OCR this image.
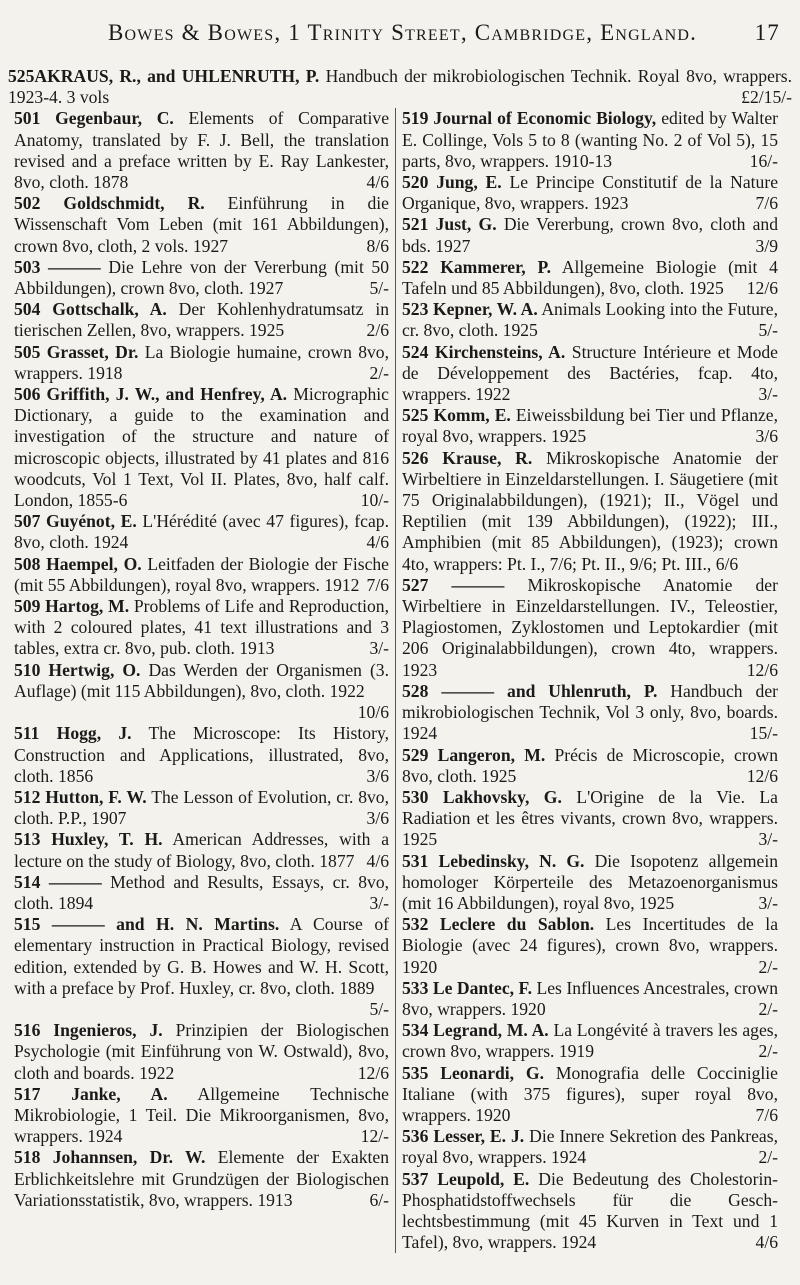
Bowes & Bowes, 1 Trinity Street, Cambridge, England.	17

525AKRAUS, R., and UHLENRUTH, P. Handbuch der mikrobiologischen Technik. Royal 8vo, wrappers. 1923-4. 3 vols	£2/15/-

501 Gegenbaur, C. Elements of Comparative Anatomy, translated by F. J. Bell, the translation revised and a preface written by E. Ray Lankester, 8vo, cloth. 1878	4/6

502 Goldschmidt, R. Einführung in die Wissenschaft Vom Leben (mit 161 Abbildungen), crown 8vo, cloth, 2 vols. 1927	8/6

503 ——— Die Lehre von der Vererbung (mit 50 Abbildungen), crown 8vo, cloth. 1927	5/-

504 Gottschalk, A. Der Kohlenhydratumsatz in tierischen Zellen, 8vo, wrappers. 1925	2/6

505 Grasset, Dr. La Biologie humaine, crown 8vo, wrappers. 1918	2/-

506 Griffith, J. W., and Henfrey, A. Micrographic Dictionary, a guide to the examination and investigation of the structure and nature of microscopic objects, illustrated by 41 plates and 816 woodcuts, Vol 1 Text, Vol II. Plates, 8vo, half calf. London, 1855-6	10/-

507 Guyénot, E. L'Hérédité (avec 47 figures), fcap. 8vo, cloth. 1924	4/6

508 Haempel, O. Leitfaden der Biologie der Fische (mit 55 Abbildungen), royal 8vo, wrappers. 1912 7/6

509 Hartog, M. Problems of Life and Reproduction, with 2 coloured plates, 41 text illustrations and 3 tables, extra cr. 8vo, pub. cloth. 1913	3/-

510 Hertwig, O. Das Werden der Organismen (3. Auflage) (mit 115 Abbildungen), 8vo, cloth. 1922
10/6

511 Hogg, J. The Microscope: Its History, Construction and Applications, illustrated, 8vo, cloth. 1856	3/6

512 Hutton, F. W. The Lesson of Evolution, cr. 8vo, cloth. P.P., 1907	3/6

513 Huxley, T. H. American Addresses, with a lecture on the study of Biology, 8vo, cloth. 1877 4/6

514 ——— Method and Results, Essays, cr. 8vo, cloth. 1894	3/-

515 ——— and H. N. Martins. A Course of elementary instruction in Practical Biology, revised edition, extended by G. B. Howes and W. H. Scott, with a preface by Prof. Huxley, cr. 8vo, cloth. 1889
5/-

516 Ingenieros, J. Prinzipien der Biologischen Psychologie (mit Einführung von W. Ostwald), 8vo, cloth and boards. 1922	12/6

517 Janke, A. Allgemeine Technische Mikrobiologie, 1 Teil. Die Mikroorganismen, 8vo, wrappers. 1924	12/-

518 Johannsen, Dr. W. Elemente der Exakten Erblichkeitslehre mit Grundzügen der Biologischen Variationsstatistik, 8vo, wrappers. 1913	6/-

519 Journal of Economic Biology, edited by Walter E. Collinge, Vols 5 to 8 (wanting No. 2 of Vol 5), 15 parts, 8vo, wrappers. 1910-13	16/-

520 Jung, E. Le Principe Constitutif de la Nature Organique, 8vo, wrappers. 1923	7/6

521 Just, G. Die Vererbung, crown 8vo, cloth and bds. 1927	3/9

522 Kammerer, P. Allgemeine Biologie (mit 4 Tafeln und 85 Abbildungen), 8vo, cloth. 1925	12/6

523 Kepner, W. A. Animals Looking into the Future, cr. 8vo, cloth. 1925	5/-

524 Kirchensteins, A. Structure Intérieure et Mode de Développement des Bactéries, fcap. 4to, wrappers. 1922	3/-

525 Komm, E. Eiweissbildung bei Tier und Pflanze, royal 8vo, wrappers. 1925	3/6

526 Krause, R. Mikroskopische Anatomie der Wirbeltiere in Einzeldarstellungen. I. Säugetiere (mit 75 Originalabbildungen), (1921); II., Vögel und Reptilien (mit 139 Abbildungen), (1922); III., Amphibien (mit 85 Abbildungen), (1923); crown 4to, wrappers: Pt. I., 7/6; Pt. II., 9/6; Pt. III., 6/6

527 ——— Mikroskopische Anatomie der Wirbeltiere in Einzeldarstellungen. IV., Teleostier, Plagiostomen, Zyklostomen und Leptokardier (mit 206 Originalabbildungen), crown 4to, wrappers. 1923	12/6

528 ——— and Uhlenruth, P. Handbuch der mikrobiologischen Technik, Vol 3 only, 8vo, boards. 1924	15/-

529 Langeron, M. Précis de Microscopie, crown 8vo, cloth. 1925	12/6

530 Lakhovsky, G. L'Origine de la Vie. La Radiation et les êtres vivants, crown 8vo, wrappers. 1925	3/-

531 Lebedinsky, N. G. Die Isopotenz allgemein homologer Körperteile des Metazoenorganismus (mit 16 Abbildungen), royal 8vo, 1925	3/-

532 Leclere du Sablon. Les Incertitudes de la Biologie (avec 24 figures), crown 8vo, wrappers. 1920	2/-

533 Le Dantec, F. Les Influences Ancestrales, crown 8vo, wrappers. 1920	2/-

534 Legrand, M. A. La Longévité à travers les ages, crown 8vo, wrappers. 1919	2/-

535 Leonardi, G. Monografia delle Cocciniglie Italiane (with 375 figures), super royal 8vo, wrappers. 1920	7/6

536 Lesser, E. J. Die Innere Sekretion des Pankreas, royal 8vo, wrappers. 1924	2/-

537 Leupold, E. Die Bedeutung des Cholestorin-Phosphatidstoffwechsels für die Gesch-lechtsbestimmung (mit 45 Kurven in Text und 1 Tafel), 8vo, wrappers. 1924	4/6
